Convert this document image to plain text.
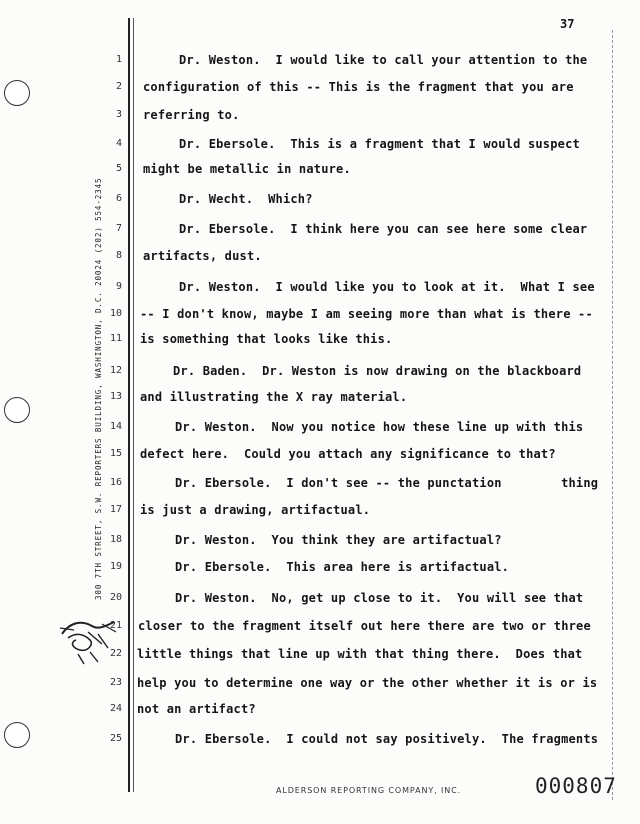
37
300 7TH STREET, S.W. REPORTERS BUILDING, WASHINGTON, D.C. 20024 (202) 554-2345
1
2
3
4
5
6
7
8
9
10
11
12
13
14
15
16
17
18
19
20
21
22
23
24
25
Dr. Weston.  I would like to call your attention to the
configuration of this -- This is the fragment that you are
referring to.
Dr. Ebersole.  This is a fragment that I would suspect
might be metallic in nature.
Dr. Wecht.  Which?
Dr. Ebersole.  I think here you can see here some clear
artifacts, dust.
Dr. Weston.  I would like you to look at it.  What I see
-- I don't know, maybe I am seeing more than what is there --
is something that looks like this.
Dr. Baden.  Dr. Weston is now drawing on the blackboard
and illustrating the X ray material.
Dr. Weston.  Now you notice how these line up with this
defect here.  Could you attach any significance to that?
Dr. Ebersole.  I don't see -- the punctation        thing
is just a drawing, artifactual.
Dr. Weston.  You think they are artifactual?
Dr. Ebersole.  This area here is artifactual.
Dr. Weston.  No, get up close to it.  You will see that
closer to the fragment itself out here there are two or three
little things that line up with that thing there.  Does that
help you to determine one way or the other whether it is or is
not an artifact?
Dr. Ebersole.  I could not say positively.  The fragments
ALDERSON REPORTING COMPANY, INC.	000807
